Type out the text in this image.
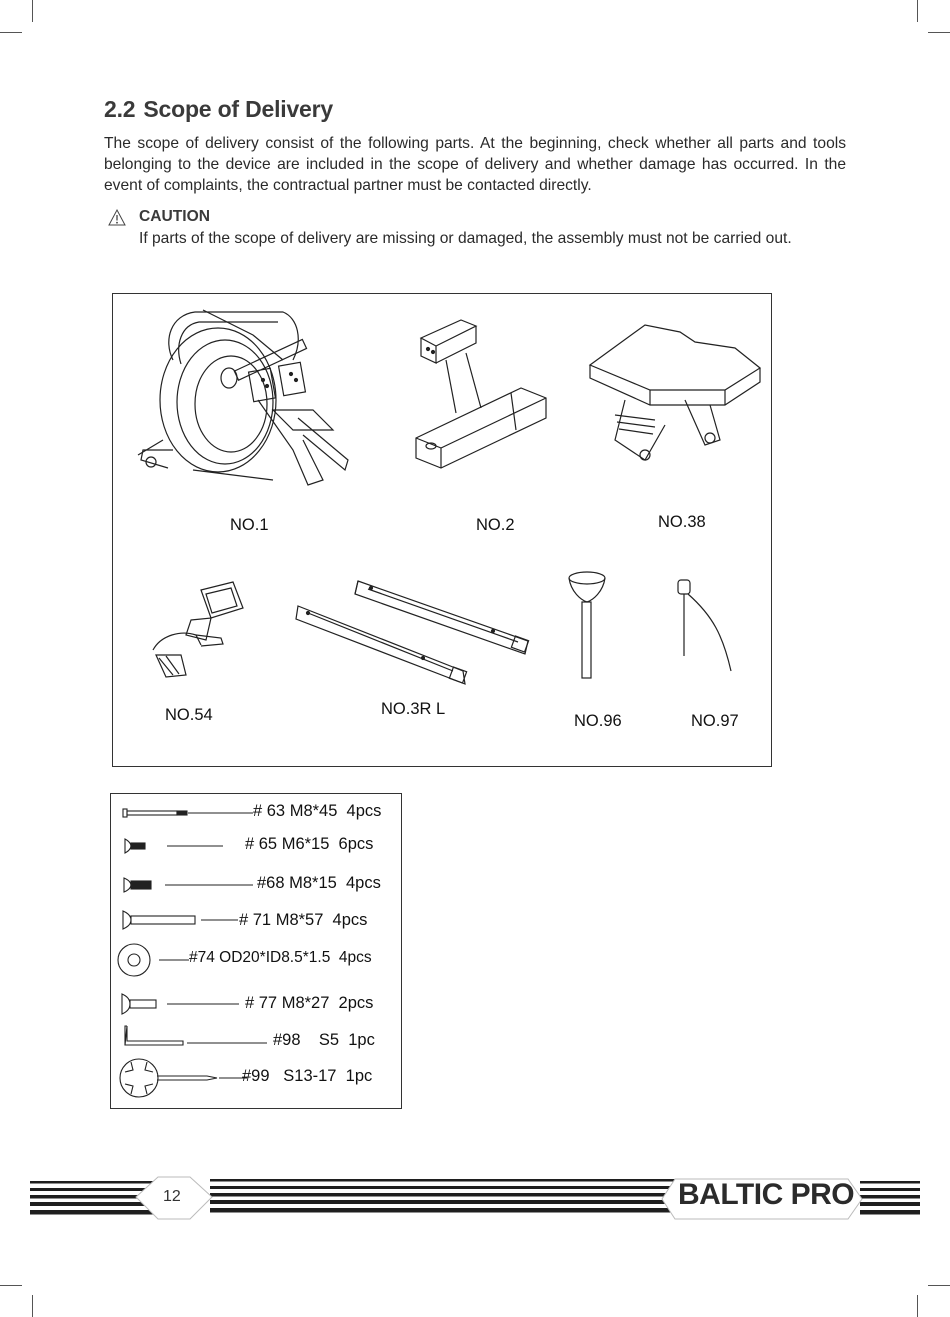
2.2 Scope of Delivery
The scope of delivery consist of the following parts. At the beginning, check whether all parts and tools belonging to the device are included in the scope of delivery and whether damage has occurred. In the event of complaints, the contractual partner must be contacted directly.
CAUTION
If parts of the scope of delivery are missing or damaged, the assembly must not be carried out.
NO.1	NO.2	NO.38
NO.54	NO.3R L
NO.96	NO.97
# 63 M8*45  4pcs
# 65 M6*15  6pcs
#68 M8*15  4pcs
# 71 M8*57  4pcs
#74 OD20*ID8.5*1.5  4pcs
# 77 M8*27  2pcs
#98    S5  1pc
#99   S13-17  1pc
12	BALTIC PRO
